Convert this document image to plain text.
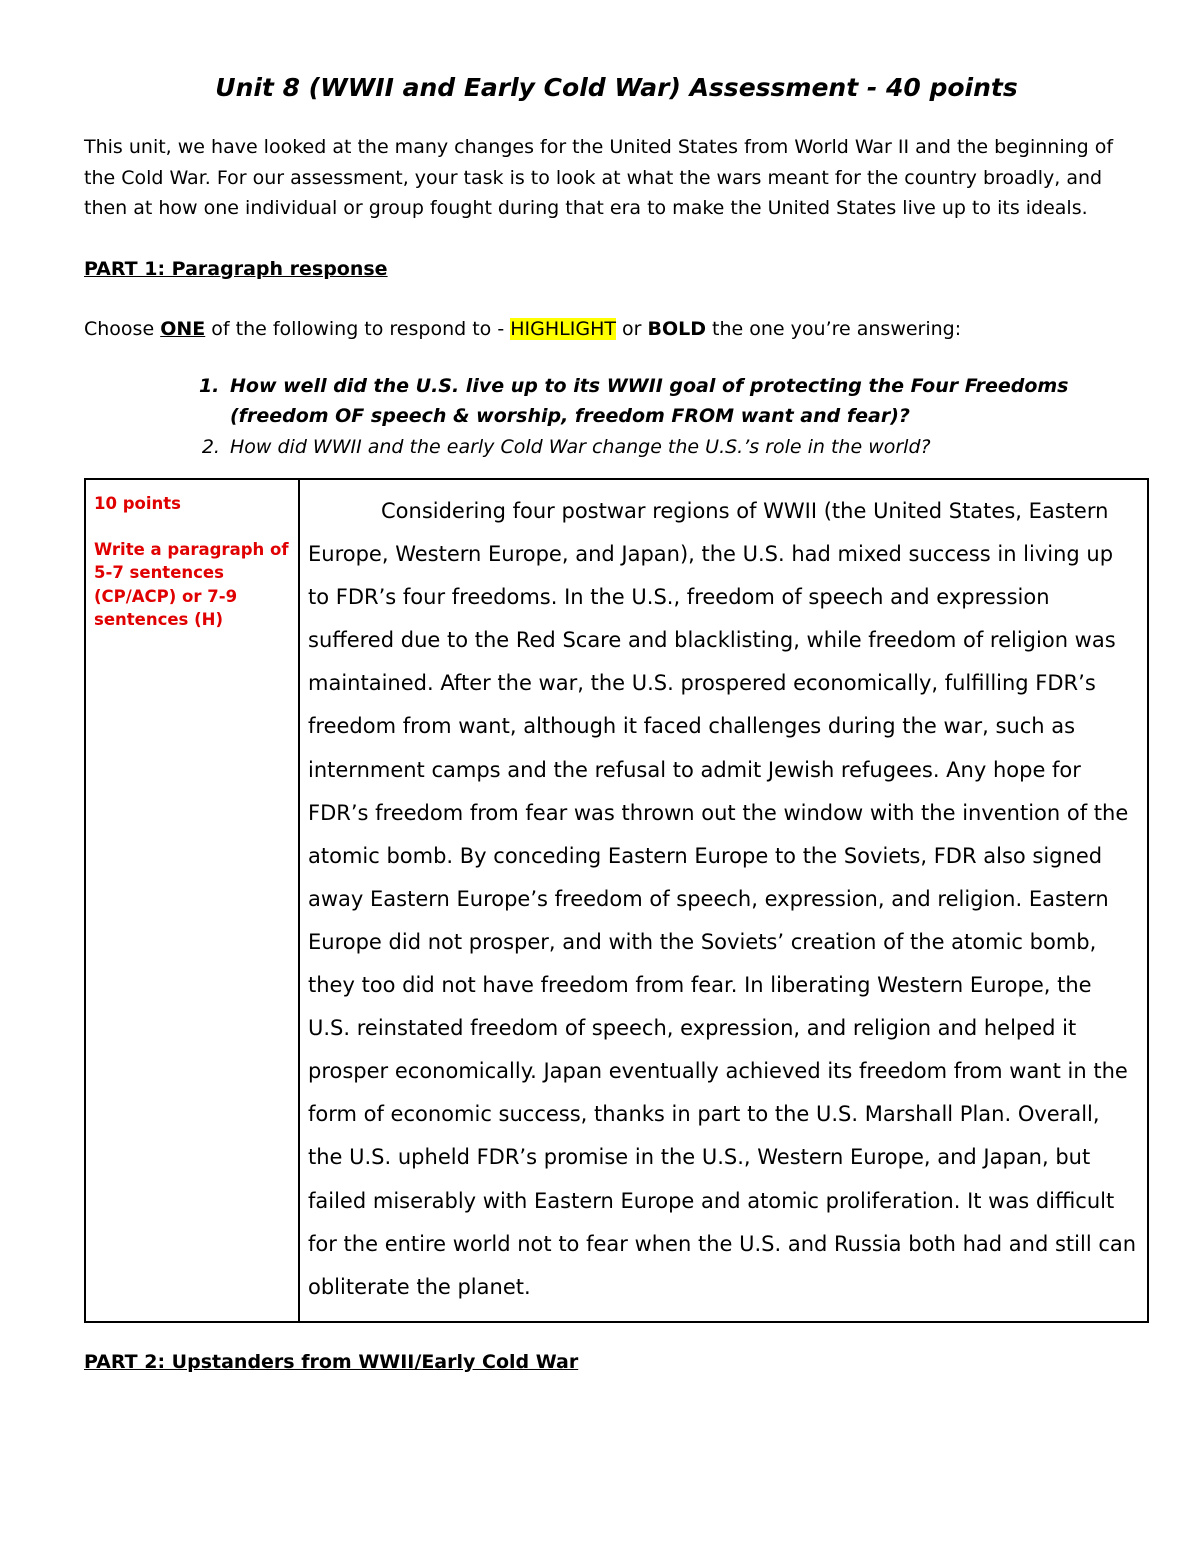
Unit 8 (WWII and Early Cold War) Assessment - 40 points

This unit, we have looked at the many changes for the United States from World War II and the beginning of the Cold War. For our assessment, your task is to look at what the wars meant for the country broadly, and then at how one individual or group fought during that era to make the United States live up to its ideals.

PART 1: Paragraph response
Choose ONE of the following to respond to - HIGHLIGHT or BOLD the one you’re answering:
1. How well did the U.S. live up to its WWII goal of protecting the Four Freedoms (freedom OF speech & worship, freedom FROM want and fear)?
2. How did WWII and the early Cold War change the U.S.’s role in the world?
10 points
Write a paragraph of 5-7 sentences (CP/ACP) or 7-9 sentences (H)

Considering four postwar regions of WWII (the United States, Eastern Europe, Western Europe, and Japan), the U.S. had mixed success in living up to FDR’s four freedoms. In the U.S., freedom of speech and expression suffered due to the Red Scare and blacklisting, while freedom of religion was maintained. After the war, the U.S. prospered economically, fulfilling FDR’s freedom from want, although it faced challenges during the war, such as internment camps and the refusal to admit Jewish refugees. Any hope for FDR’s freedom from fear was thrown out the window with the invention of the atomic bomb. By conceding Eastern Europe to the Soviets, FDR also signed away Eastern Europe’s freedom of speech, expression, and religion. Eastern Europe did not prosper, and with the Soviets’ creation of the atomic bomb, they too did not have freedom from fear. In liberating Western Europe, the U.S. reinstated freedom of speech, expression, and religion and helped it prosper economically. Japan eventually achieved its freedom from want in the form of economic success, thanks in part to the U.S. Marshall Plan. Overall, the U.S. upheld FDR’s promise in the U.S., Western Europe, and Japan, but failed miserably with Eastern Europe and atomic proliferation. It was difficult for the entire world not to fear when the U.S. and Russia both had and still can obliterate the planet.

PART 2: Upstanders from WWII/Early Cold War
